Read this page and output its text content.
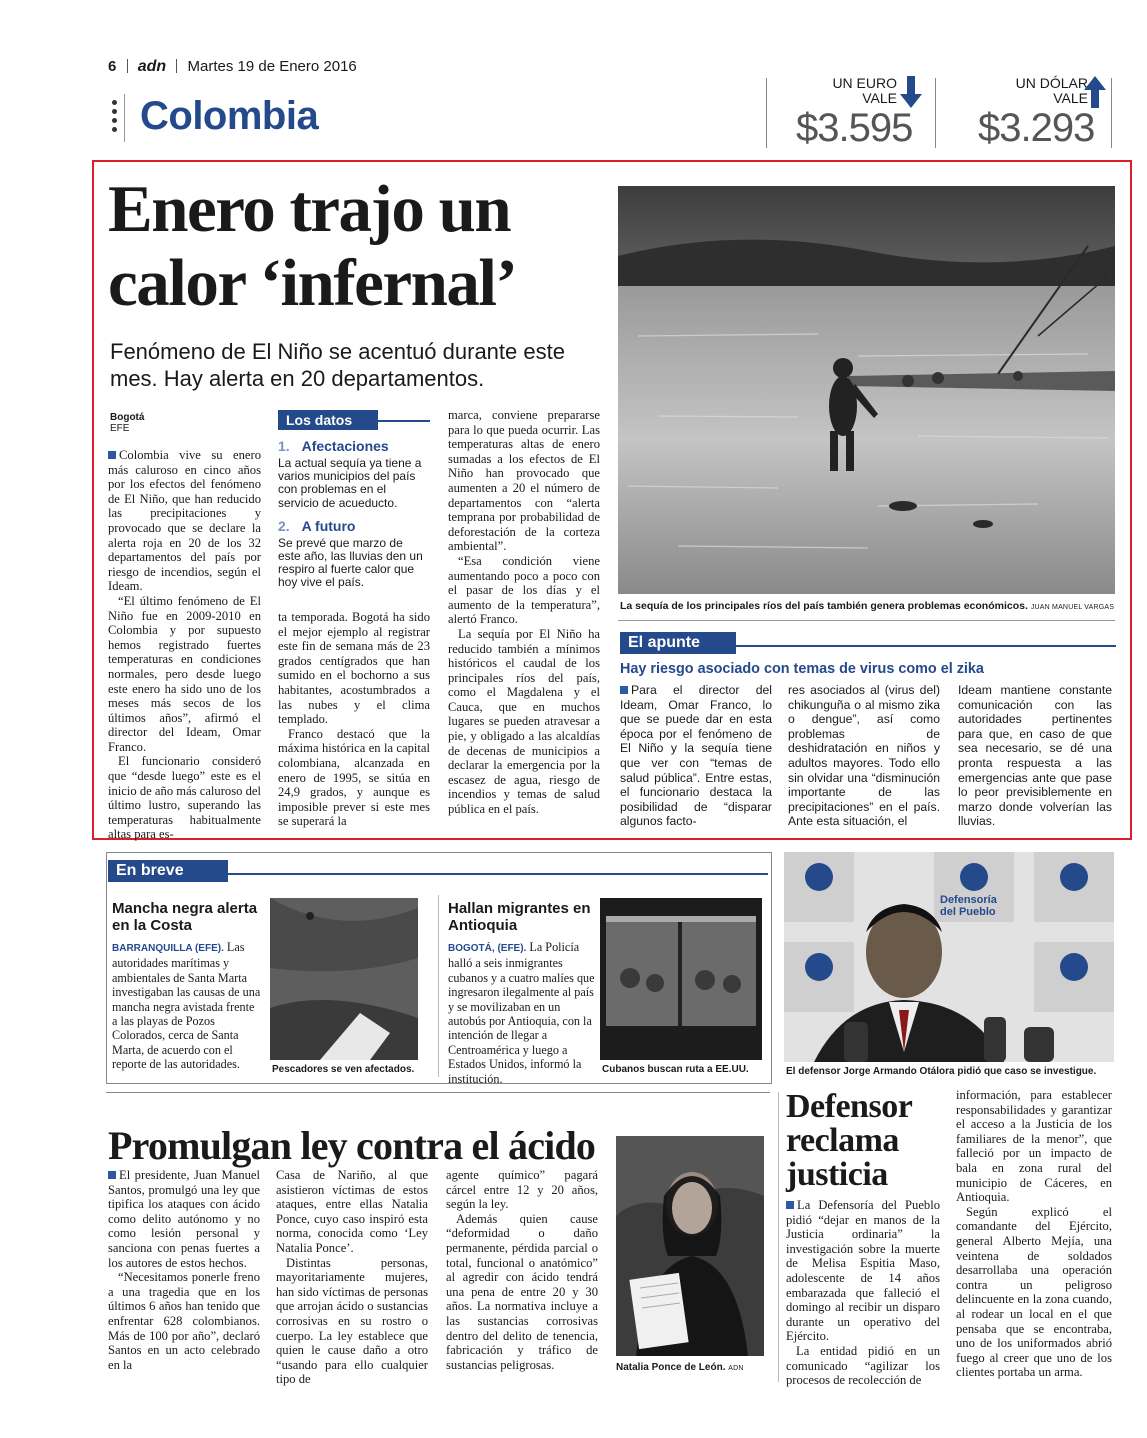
6 adn Martes 19 de Enero 2016
Colombia
UN EURO VALE
$3.595
UN DÓLAR VALE
$3.293
Enero trajo un
calor ‘infernal’
Fenómeno de El Niño se acentuó durante este mes. Hay alerta en 20 departamentos.
Bogotá
EFE

Colombia vive su enero más caluroso en cinco años por los efectos del fenómeno de El Niño, que han reducido las precipitaciones y provocado que se declare la alerta roja en 20 de los 32 departamentos del país por riesgo de incendios, según el Ideam.

“El último fenómeno de El Niño fue en 2009-2010 en Colombia y por supuesto hemos registrado fuertes temperaturas en condiciones normales, pero desde luego este enero ha sido uno de los meses más secos de los últimos años”, afirmó el director del Ideam, Omar Franco.

El funcionario consideró que “desde luego” este es el inicio de año más caluroso del último lustro, superando las temperaturas habitualmente altas para es-

Los datos
1. Afectaciones
La actual sequía ya tiene a varios municipios del país con problemas en el servicio de acueducto.
2. A futuro
Se prevé que marzo de este año, las lluvias den un respiro al fuerte calor que hoy vive el país.

ta temporada. Bogotá ha sido el mejor ejemplo al registrar este fin de semana más de 23 grados centígrados que han sumido en el bochorno a sus habitantes, acostumbrados a las nubes y el clima templado.

Franco destacó que la máxima histórica en la capital colombiana, alcanzada en enero de 1995, se sitúa en 24,9 grados, y aunque es imposible prever si este mes se superará la

marca, conviene prepararse para lo que pueda ocurrir. Las temperaturas altas de enero sumadas a los efectos de El Niño han provocado que aumenten a 20 el número de departamentos con “alerta temprana por probabilidad de deforestación de la corteza ambiental”.

“Esa condición viene aumentando poco a poco con el pasar de los días y el aumento de la temperatura”, alertó Franco.

La sequía por El Niño ha reducido también a mínimos históricos el caudal de los principales ríos del país, como el Magdalena y el Cauca, que en muchos lugares se pueden atravesar a pie, y obligado a las alcaldías de decenas de municipios a declarar la emergencia por la escasez de agua, riesgo de incendios y temas de salud pública en el país.

La sequía de los principales ríos del país también genera problemas económicos. JUAN MANUEL VARGAS
El apunte
Hay riesgo asociado con temas de virus como el zika
Para el director del Ideam, Omar Franco, lo que se puede dar en esta época por el fenómeno de El Niño y la sequía tiene que ver con “temas de salud pública”. Entre estas, el funcionario destaca la posibilidad de “disparar algunos facto-
res asociados al (virus del) chikunguña o al mismo zika o dengue”, así como problemas de deshidratación en niños y adultos mayores. Todo ello sin olvidar una “disminución importante de las precipitaciones” en el país. Ante esta situación, el
Ideam mantiene constante comunicación con las autoridades pertinentes para que, en caso de que sea necesario, se dé una pronta respuesta a las emergencias ante que pase lo peor previsiblemente en marzo donde volverían las lluvias.
En breve
Mancha negra alerta en la Costa
BARRANQUILLA (EFE). Las autoridades marítimas y ambientales de Santa Marta investigaban las causas de una mancha negra avistada frente a las playas de Pozos Colorados, cerca de Santa Marta, de acuerdo con el reporte de las autoridades.	Pescadores se ven afectados.
Hallan migrantes en Antioquia
BOGOTÁ, (EFE). La Policía halló a seis inmigrantes cubanos y a cuatro malíes que ingresaron ilegalmente al país y se movilizaban en un autobús por Antioquia, con la intención de llegar a Centroamérica y luego a Estados Unidos, informó la institución.
Cubanos buscan ruta a EE.UU.
Defensoría del Pueblo
El defensor Jorge Armando Otálora pidió que caso se investigue.
Promulgan ley contra el ácido

El presidente, Juan Manuel Santos, promulgó una ley que tipifica los ataques con ácido como delito autónomo y no como lesión personal y sanciona con penas fuertes a los autores de estos hechos.

“Necesitamos ponerle freno a una tragedia que en los últimos 6 años han tenido que enfrentar 628 colombianos. Más de 100 por año”, declaró Santos en un acto celebrado en la

Casa de Nariño, al que asistieron víctimas de estos ataques, entre ellas Natalia Ponce, cuyo caso inspiró esta norma, conocida como ‘Ley Natalia Ponce’.

Distintas personas, mayoritariamente mujeres, han sido víctimas de personas que arrojan ácido o sustancias corrosivas en su rostro o cuerpo. La ley establece que quien le cause daño a otro “usando para ello cualquier tipo de

agente químico” pagará cárcel entre 12 y 20 años, según la ley.

Además quien cause “deformidad o daño permanente, pérdida parcial o total, funcional o anatómico” al agredir con ácido tendrá una pena de entre 20 y 30 años. La normativa incluye a las sustancias corrosivas dentro del delito de tenencia, fabricación y tráfico de sustancias peligrosas.	Natalia Ponce de León. ADN
Defensor
reclama
justicia

La Defensoría del Pueblo pidió “dejar en manos de la Justicia ordinaria” la investigación sobre la muerte de Melisa Espitia Maso, adolescente de 14 años embarazada que falleció el domingo al recibir un disparo durante un operativo del Ejército.

La entidad pidió en un comunicado “agilizar los procesos de recolección de

información, para establecer responsabilidades y garantizar el acceso a la Justicia de los familiares de la menor”, que falleció por un impacto de bala en zona rural del municipio de Cáceres, en Antioquia.

Según explicó el comandante del Ejército, general Alberto Mejía, una veintena de soldados desarrollaba una operación contra un peligroso delincuente en la zona cuando, al rodear un local en el que pensaba que se encontraba, uno de los uniformados abrió fuego al creer que uno de los clientes portaba un arma.
